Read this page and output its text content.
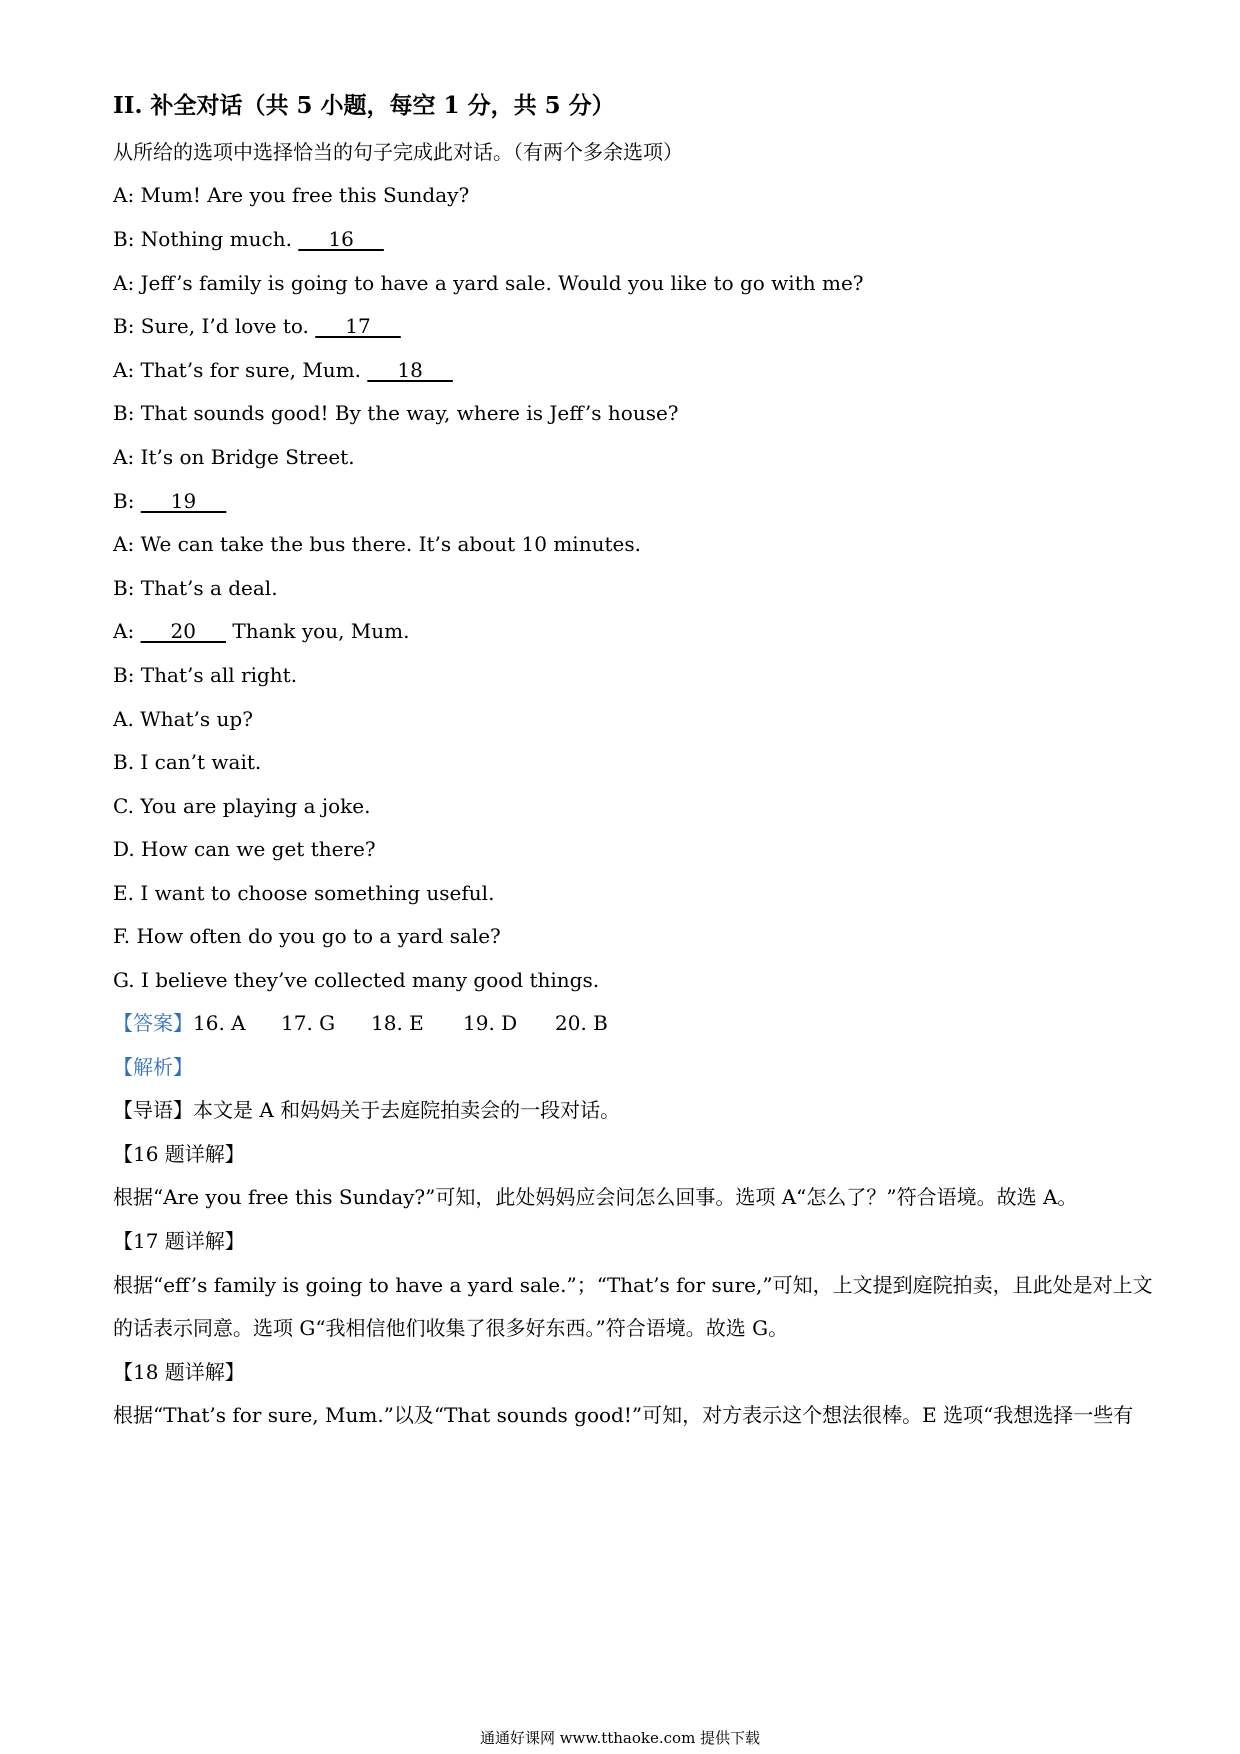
II. 补全对话（共 5 小题，每空 1 分，共 5 分）
从所给的选项中选择恰当的句子完成此对话。（有两个多余选项）
A: Mum! Are you free this Sunday?
B: Nothing much. ___16___
A: Jeff’s family is going to have a yard sale. Would you like to go with me?
B: Sure, I’d love to. ___17___
A: That’s for sure, Mum. ___18___
B: That sounds good! By the way, where is Jeff’s house?
A: It’s on Bridge Street.
B: ___19___
A: We can take the bus there. It’s about 10 minutes.
B: That’s a deal.
A: ___20___ Thank you, Mum.
B: That’s all right.
A. What’s up?
B. I can’t wait.
C. You are playing a joke.
D. How can we get there?
E. I want to choose something useful.
F. How often do you go to a yard sale?
G. I believe they’ve collected many good things.
【答案】16. A 17. G 18. E 19. D 20. B
【解析】
【导语】本文是 A 和妈妈关于去庭院拍卖会的一段对话。
【16 题详解】
根据“Are you free this Sunday?”可知，此处妈妈应会问怎么回事。选项 A“怎么了？”符合语境。故选 A。
【17 题详解】
根据“eff’s family is going to have a yard sale.”；“That’s for sure,”可知，上文提到庭院拍卖，且此处是对上文
的话表示同意。选项 G“我相信他们收集了很多好东西。”符合语境。故选 G。
【18 题详解】
根据“That’s for sure, Mum.”以及“That sounds good!”可知，对方表示这个想法很棒。E 选项“我想选择一些有
通通好课网 www.tthaoke.com 提供下载
